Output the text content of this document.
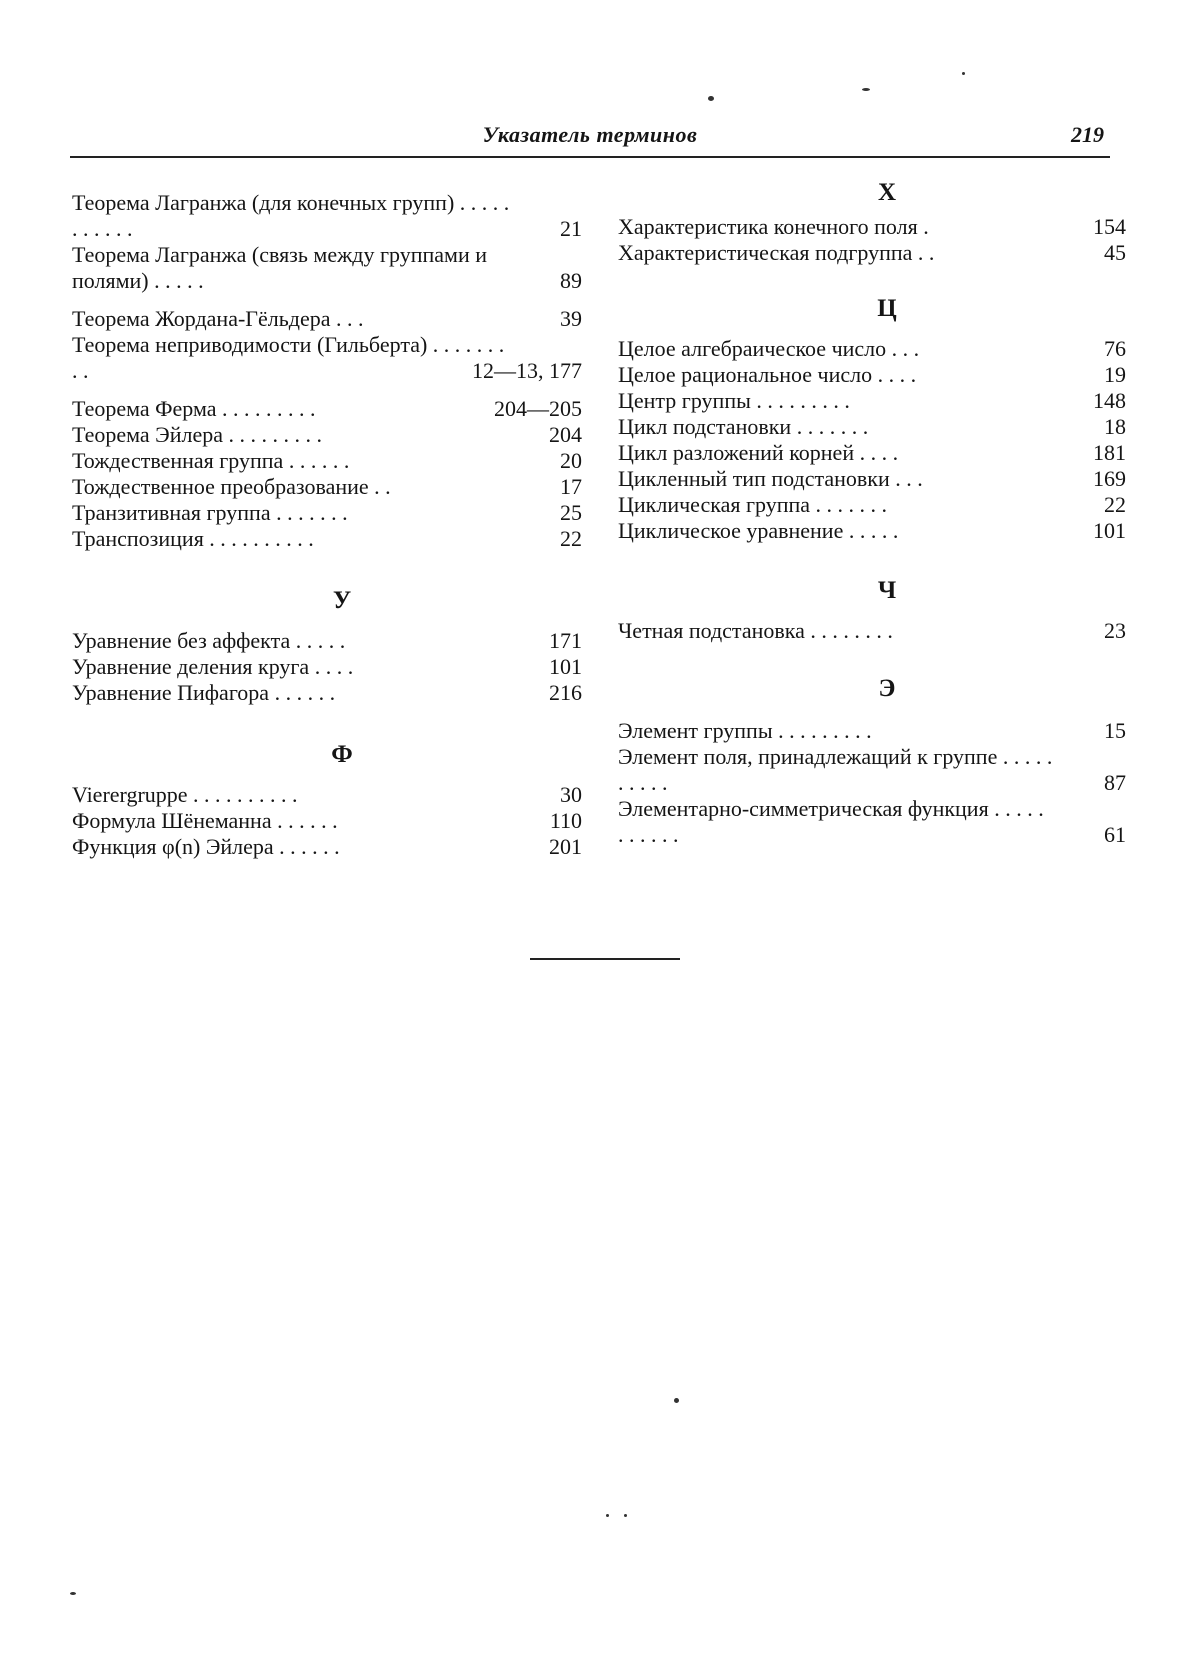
Указатель терминов	219
Теорема Лагранжа (для конечных групп) . . . . . . . . . . .	21
Теорема Лагранжа (связь между группами и полями) . . . . .	89
Теорема Жордана-Гёльдера . . .	39
Теорема неприводимости (Гильберта) . . . . . . . . .	12—13, 177
Теорема Ферма . . . . . . . . .	204—205
Теорема Эйлера . . . . . . . . .	204
Тождественная группа . . . . . .	20
Тождественное преобразование . .	17
Транзитивная группа . . . . . . .	25
Транспозиция . . . . . . . . . .	22
У
Уравнение без аффекта . . . . .	171
Уравнение деления круга . . . .	101
Уравнение Пифагора . . . . . .	216
Ф
Vierergruppe . . . . . . . . . .	30
Формула Шёнеманна . . . . . .	110
Функция φ(n) Эйлера . . . . . .	201
Х
Характеристика конечного поля .	154
Характеристическая подгруппа . .	45
Ц
Целое алгебраическое число . . .	76
Целое рациональное число . . . .	19
Центр группы . . . . . . . . .	148
Цикл подстановки . . . . . . .	18
Цикл разложений корней . . . .	181
Цикленный тип подстановки . . .	169
Циклическая группа . . . . . . .	22
Циклическое уравнение . . . . .	101
Ч
Четная подстановка . . . . . . . .	23
Э
Элемент группы . . . . . . . . .	15
Элемент поля, принадлежащий к группе . . . . . . . . . .	87
Элементарно-симметрическая функция . . . . . . . . . . .	61
